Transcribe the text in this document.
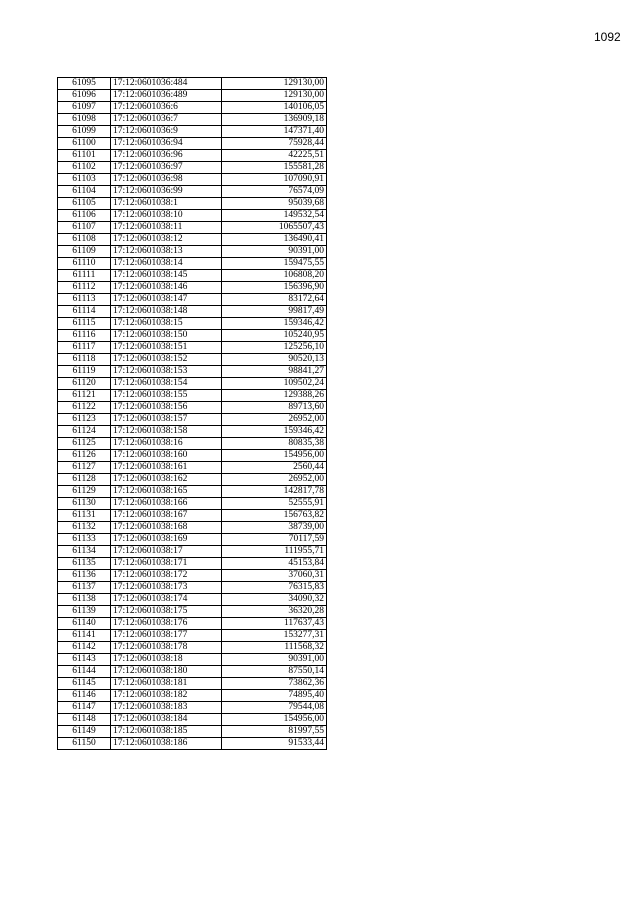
1092
61095	17:12:0601036:484	129130,00
61096	17:12:0601036:489	129130,00
61097	17:12:0601036:6	140106,05
61098	17:12:0601036:7	136909,18
61099	17:12:0601036:9	147371,40
61100	17:12:0601036:94	75928,44
61101	17:12:0601036:96	42225,51
61102	17:12:0601036:97	155581,28
61103	17:12:0601036:98	107090,91
61104	17:12:0601036:99	76574,09
61105	17:12:0601038:1	95039,68
61106	17:12:0601038:10	149532,54
61107	17:12:0601038:11	1065507,43
61108	17:12:0601038:12	136490,41
61109	17:12:0601038:13	90391,00
61110	17:12:0601038:14	159475,55
61111	17:12:0601038:145	106808,20
61112	17:12:0601038:146	156396,90
61113	17:12:0601038:147	83172,64
61114	17:12:0601038:148	99817,49
61115	17:12:0601038:15	159346,42
61116	17:12:0601038:150	105240,95
61117	17:12:0601038:151	125256,10
61118	17:12:0601038:152	90520,13
61119	17:12:0601038:153	98841,27
61120	17:12:0601038:154	109502,24
61121	17:12:0601038:155	129388,26
61122	17:12:0601038:156	89713,60
61123	17:12:0601038:157	26952,00
61124	17:12:0601038:158	159346,42
61125	17:12:0601038:16	80835,38
61126	17:12:0601038:160	154956,00
61127	17:12:0601038:161	2560,44
61128	17:12:0601038:162	26952,00
61129	17:12:0601038:165	142817,78
61130	17:12:0601038:166	52555,91
61131	17:12:0601038:167	156763,82
61132	17:12:0601038:168	38739,00
61133	17:12:0601038:169	70117,59
61134	17:12:0601038:17	111955,71
61135	17:12:0601038:171	45153,84
61136	17:12:0601038:172	37060,31
61137	17:12:0601038:173	76315,83
61138	17:12:0601038:174	34090,32
61139	17:12:0601038:175	36320,28
61140	17:12:0601038:176	117637,43
61141	17:12:0601038:177	153277,31
61142	17:12:0601038:178	111568,32
61143	17:12:0601038:18	90391,00
61144	17:12:0601038:180	87550,14
61145	17:12:0601038:181	73862,36
61146	17:12:0601038:182	74895,40
61147	17:12:0601038:183	79544,08
61148	17:12:0601038:184	154956,00
61149	17:12:0601038:185	81997,55
61150	17:12:0601038:186	91533,44
